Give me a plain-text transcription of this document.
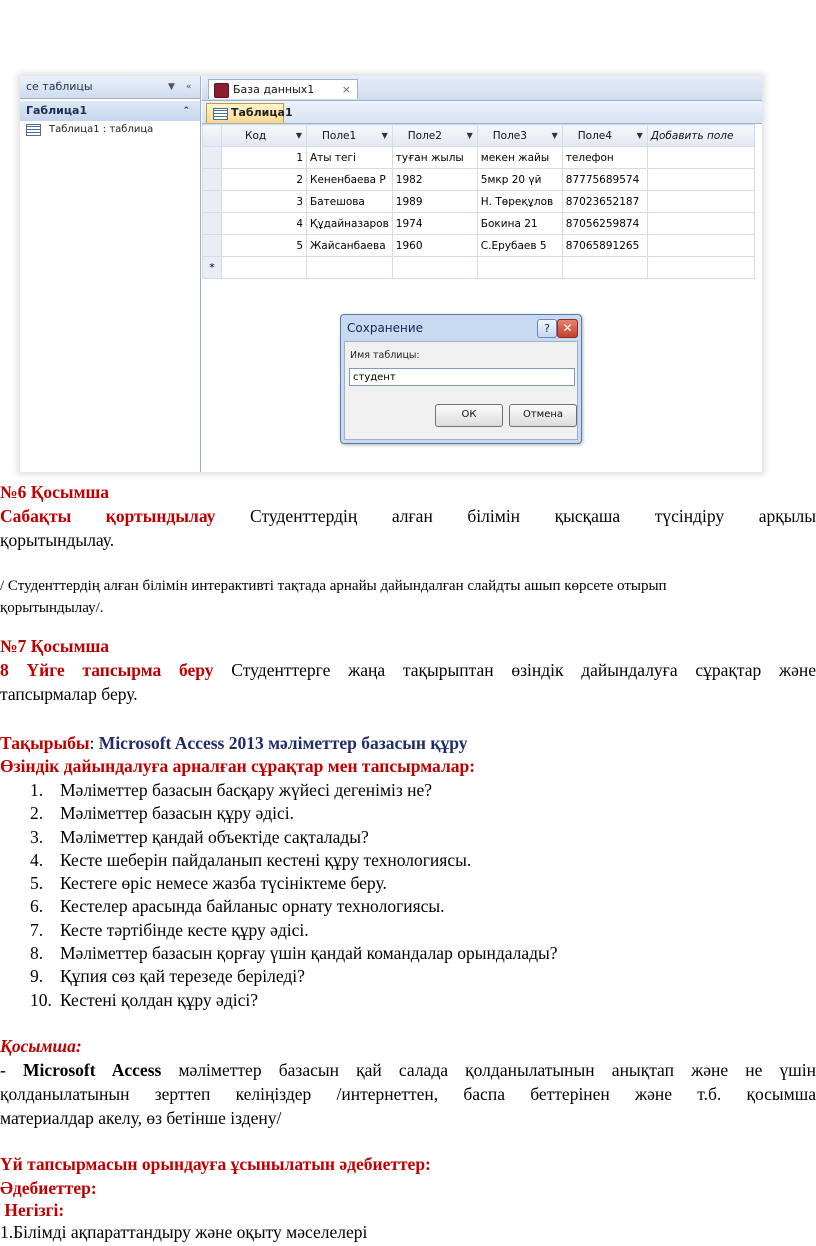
се таблицы	▼ «
Габлица1	⌃
Таблица1 : таблица
База данных1 ×
Таблица1
	Код ▼	Поле1 ▼	Поле2 ▼	Поле3 ▼	Поле4 ▼	Добавить поле
	1	Аты тегі	туған жылы	мекен жайы	телефон	
	2	Кененбаева Р	1982	5мкр 20 үй	87775689574	
	3	Батешова	1989	Н. Төреқұлов	87023652187	
	4	Құдайназаров	1974	Бокина 21	87056259874	
	5	Жайсанбаева	1960	С.Ерубаев 5	87065891265	
*						
Сохранение	?	✕
Имя таблицы:
студент
ОК	Отмена
№6 Қосымша
Сабақты қортындылау Студенттердің алған білімін қысқаша түсіндіру арқылы
қорытындылау.
/ Студенттердің алған білімін интерактивті тақтада арнайы дайындалған слайдты ашып көрсете отырып
қорытындылау/.
№7 Қосымша
8 Үйге тапсырма беру Студенттерге жаңа тақырыптан өзіндік дайындалуға сұрақтар және
тапсырмалар беру.
Тақырыбы: Microsoft Access 2013 мәліметтер базасын құру
Өзіндік дайындалуға арналған сұрақтар мен тапсырмалар:
1. Мәліметтер базасын басқару жүйесі дегеніміз не?
2. Мәліметтер базасын құру әдісі.
3. Мәліметтер қандай объектіде сақталады?
4. Кесте шеберін пайдаланып кестені құру технологиясы.
5. Кестеге өріс немесе жазба түсініктеме беру.
6. Кестелер арасында байланыс орнату технологиясы.
7. Кесте тәртібінде кесте құру әдісі.
8. Мәліметтер базасын қорғау үшін қандай командалар орындалады?
9. Құпия сөз қай терезеде беріледі?
10. Кестені қолдан құру әдісі?
Қосымша:
- Microsoft Access мәліметтер базасын қай салада қолданылатынын анықтап және не үшін
қолданылатынын зерттеп келіңіздер /интернеттен, баспа беттерінен және т.б. қосымша
материалдар акелу, өз бетінше іздену/
Үй тапсырмасын орындауға ұсынылатын әдебиеттер:
Әдебиеттер:
Негізгі:
1.Білімді ақпараттандыру және оқыту мәселелері
